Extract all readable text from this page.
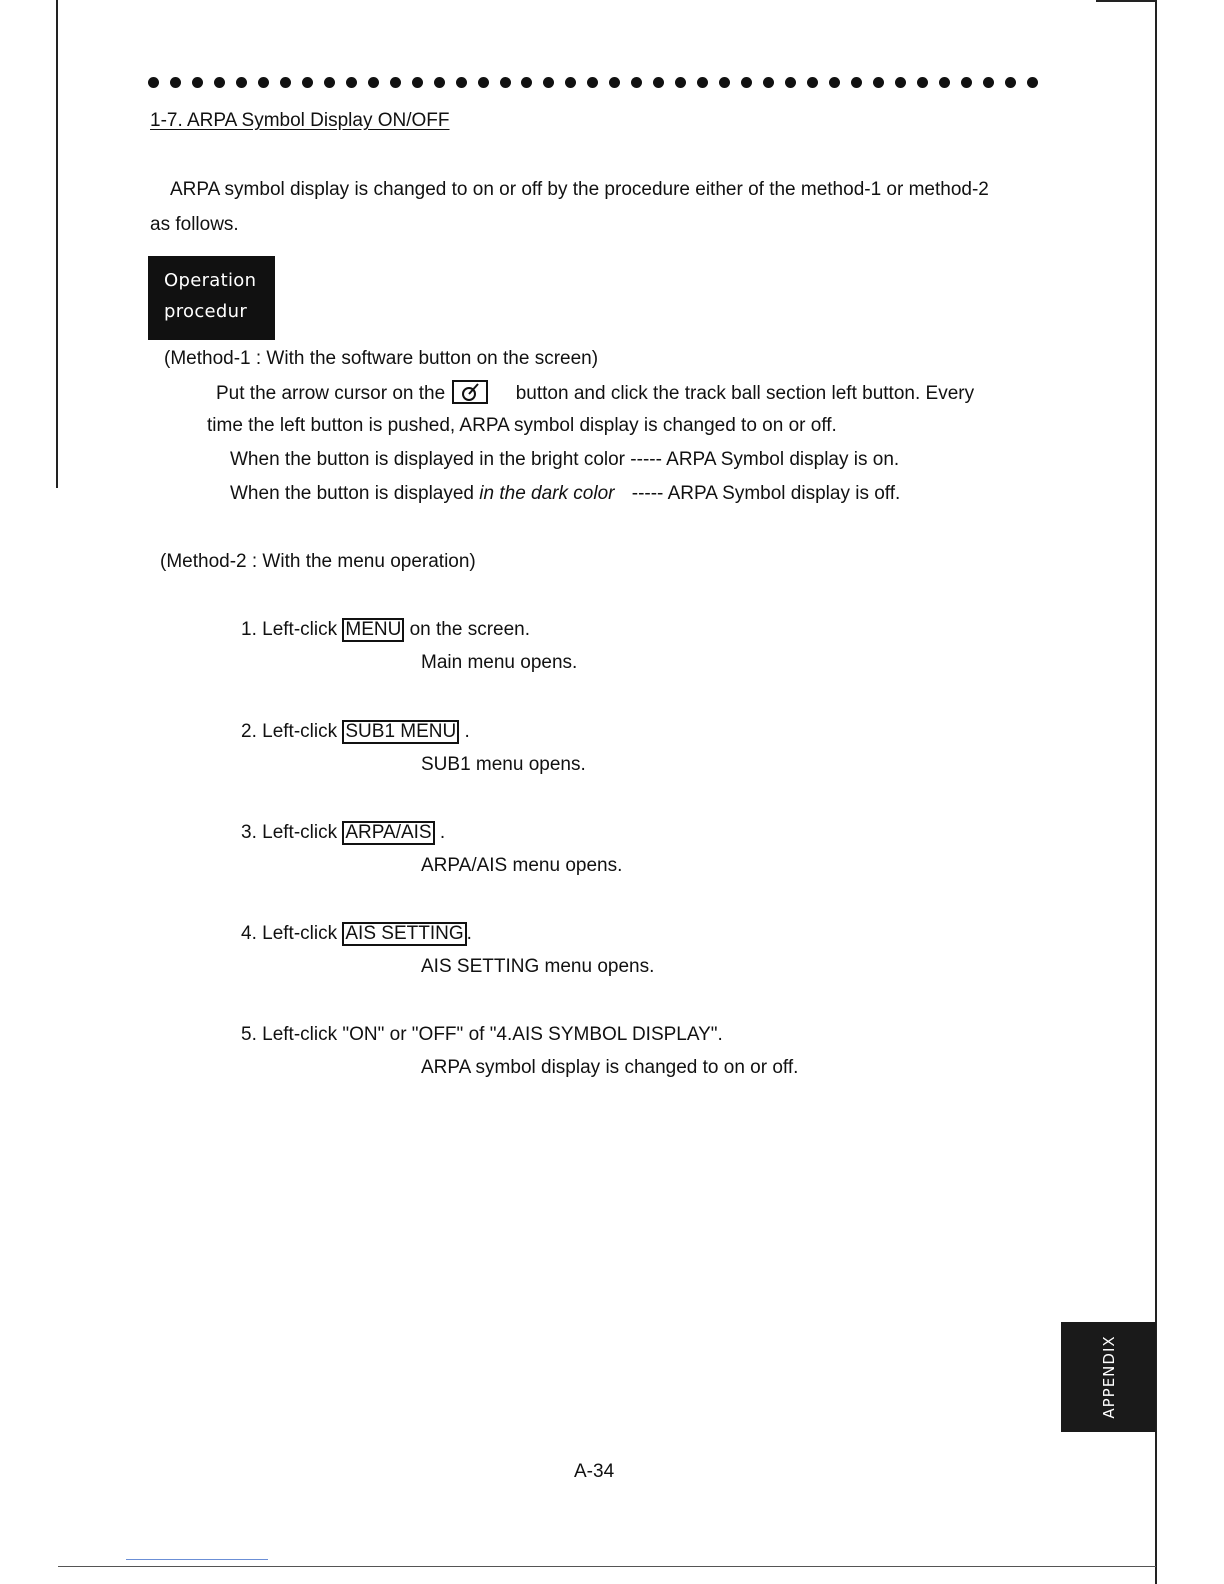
1-7. ARPA Symbol Display ON/OFF
ARPA symbol display is changed to on or off by the procedure either of the method-1 or method-2
as follows.
Operation
procedur
(Method-1 : With the software button on the screen)
Put the arrow cursor on the	button and click the track ball section left button. Every
time the left button is pushed, ARPA symbol display is changed to on or off.
When the button is displayed in the bright color ----- ARPA Symbol display is on.
When the button is displayed in the dark color ----- ARPA Symbol display is off.
(Method-2 : With the menu operation)
1. Left-click MENU on the screen.
Main menu opens.
2. Left-click SUB1 MENU .
SUB1 menu opens.
3. Left-click ARPA/AIS .
ARPA/AIS menu opens.
4. Left-click AIS SETTING .
AIS SETTING menu opens.
5. Left-click "ON" or "OFF" of "4.AIS SYMBOL DISPLAY".
ARPA symbol display is changed to on or off.
APPENDIX
A-34
